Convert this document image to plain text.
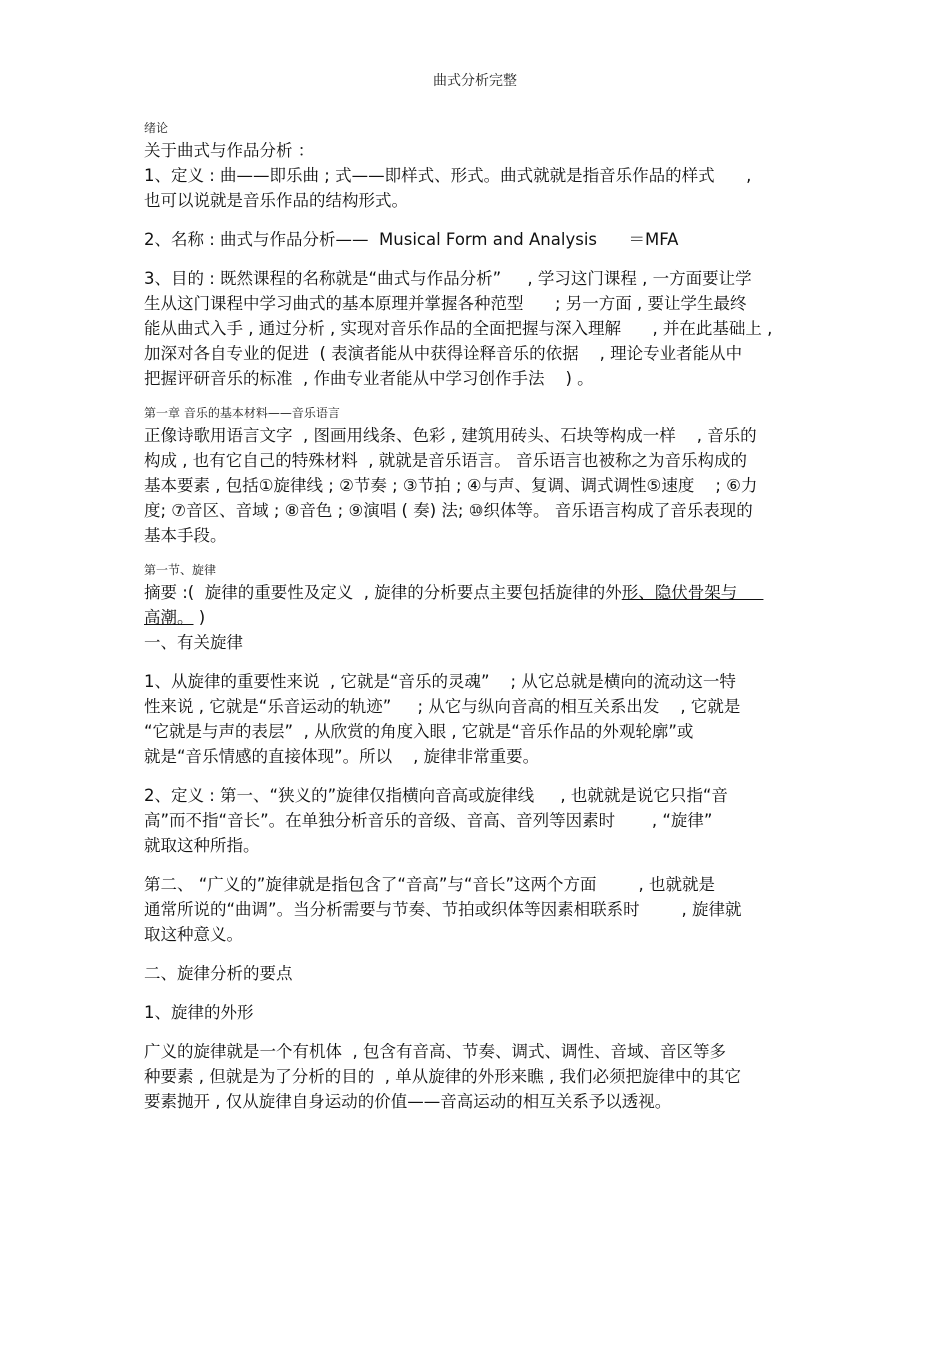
曲式分析完整

绪论

关于曲式与作品分析 ：

1、定义 : 曲——即乐曲 ; 式——即样式、形式。曲式就就是指音乐作品的样式      ,

也可以说就是音乐作品的结构形式。

2、名称 : 曲式与作品分析——  Musical Form and Analysis      ＝MFA

3、目的 : 既然课程的名称就是“曲式与作品分析”     , 学习这门课程 , 一方面要让学

生从这门课程中学习曲式的基本原理并掌握各种范型      ; 另一方面 , 要让学生最终

能从曲式入手 , 通过分析 , 实现对音乐作品的全面把握与深入理解      , 并在此基础上 ,

加深对各自专业的促进  ( 表演者能从中获得诠释音乐的依据    , 理论专业者能从中

把握评研音乐的标准  , 作曲专业者能从中学习创作手法    ) 。

第一章 音乐的基本材料——音乐语言

正像诗歌用语言文字  , 图画用线条、色彩 , 建筑用砖头、石块等构成一样    , 音乐的

构成 , 也有它自己的特殊材料  , 就就是音乐语言。 音乐语言也被称之为音乐构成的

基本要素 , 包括①旋律线 ; ②节奏 ; ③节拍 ; ④与声、复调、调式调性⑤速度    ; ⑥力

度; ⑦音区、音域 ; ⑧音色 ; ⑨演唱 ( 奏) 法; ⑩织体等。 音乐语言构成了音乐表现的

基本手段。

第一节、旋律

摘要 :(  旋律的重要性及定义  , 旋律的分析要点主要包括旋律的外形、隐伏骨架与

高潮。 )

一、有关旋律

1、从旋律的重要性来说  , 它就是“音乐的灵魂”    ; 从它总就是横向的流动这一特

性来说 , 它就是“乐音运动的轨迹”     ; 从它与纵向音高的相互关系出发    , 它就是

“它就是与声的表层”  , 从欣赏的角度入眼 , 它就是“音乐作品的外观轮廓”或

就是“音乐情感的直接体现”。所以    , 旋律非常重要。

2、定义 : 第一、“狭义的”旋律仅指横向音高或旋律线     , 也就就是说它只指“音

高”而不指“音长”。在单独分析音乐的音级、音高、音列等因素时       , “旋律”

就取这种所指。

第二、 “广义的”旋律就是指包含了“音高”与“音长”这两个方面        , 也就就是

通常所说的“曲调”。当分析需要与节奏、节拍或织体等因素相联系时        , 旋律就

取这种意义。

二、旋律分析的要点

1、旋律的外形

广义的旋律就是一个有机体  , 包含有音高、节奏、调式、调性、音域、音区等多

种要素 , 但就是为了分析的目的  , 单从旋律的外形来瞧 , 我们必须把旋律中的其它

要素抛开 , 仅从旋律自身运动的价值——音高运动的相互关系予以透视。
